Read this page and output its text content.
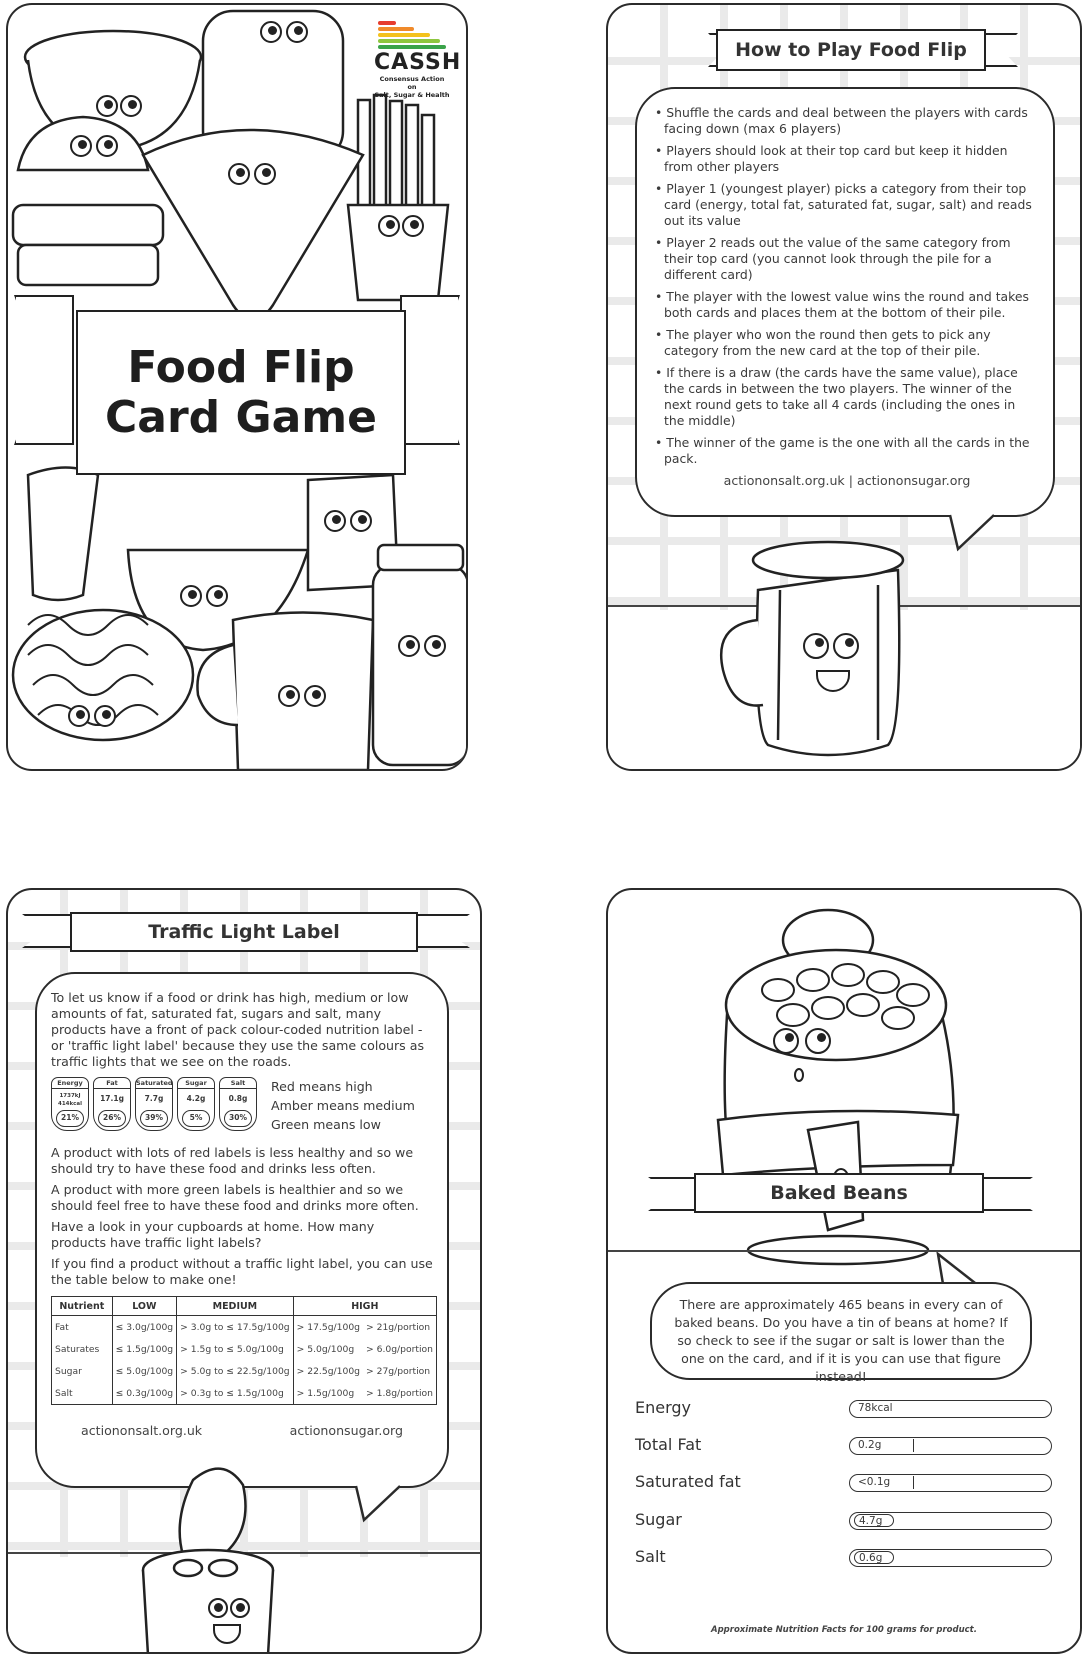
CASSH
Consensus Action on
Salt, Sugar & Health
Food Flip
Card Game
How to Play Food Flip
• Shuffle the cards and deal between the players with cards facing down (max 6 players)
• Players should look at their top card but keep it hidden from other players
• Player 1 (youngest player) picks a category from their top card (energy, total fat, saturated fat, sugar, salt) and reads out its value
• Player 2 reads out the value of the same category from their top card (you cannot look through the pile for a different card)
• The player with the lowest value wins the round and takes both cards and places them at the bottom of their pile.
• The player who won the round then gets to pick any category from the new card at the top of their pile.
• If there is a draw (the cards have the same value), place the cards in between the two players. The winner of the next round gets to take all 4 cards (including the ones in the middle)
• The winner of the game is the one with all the cards in the pack.
actiononsalt.org.uk | actiononsugar.org
Traffic Light Label

To let us know if a food or drink has high, medium or low amounts of fat, saturated fat, sugars and salt, many products have a front of pack colour-coded nutrition label - or 'traffic light label' because they use the same colours as traffic lights that we see on the roads.

Energy
1737kJ 414kcal
21%
Fat
17.1g
26%
Saturated
7.7g
39%
Sugar
4.2g
5%
Salt
0.8g
30%
Red means high
Amber means medium
Green means low

A product with lots of red labels is less healthy and so we should try to have these food and drinks less often.

A product with more green labels is healthier and so we should feel free to have these food and drinks more often.

Have a look in your cupboards at home. How many products have traffic light labels?

If you find a product without a traffic light label, you can use the table below to make one!

Nutrient	LOW	MEDIUM	HIGH	
Fat	≤ 3.0g/100g	> 3.0g to ≤ 17.5g/100g	> 17.5g/100g	> 21g/portion
Saturates	≤ 1.5g/100g	> 1.5g to ≤ 5.0g/100g	> 5.0g/100g	> 6.0g/portion
Sugar	≤ 5.0g/100g	> 5.0g to ≤ 22.5g/100g	> 22.5g/100g	> 27g/portion
Salt	≤ 0.3g/100g	> 0.3g to ≤ 1.5g/100g	> 1.5g/100g	> 1.8g/portion
actiononsalt.org.uk	actiononsugar.org
Baked Beans
There are approximately 465 beans in every can of baked beans. Do you have a tin of beans at home? If so check to see if the sugar or salt is lower than the one on the card, and if it is you can use that figure instead!
Energy	78kcal
Total Fat	0.2g
Saturated fat	<0.1g
Sugar	4.7g
Salt	0.6g
Approximate Nutrition Facts for 100 grams for product.
